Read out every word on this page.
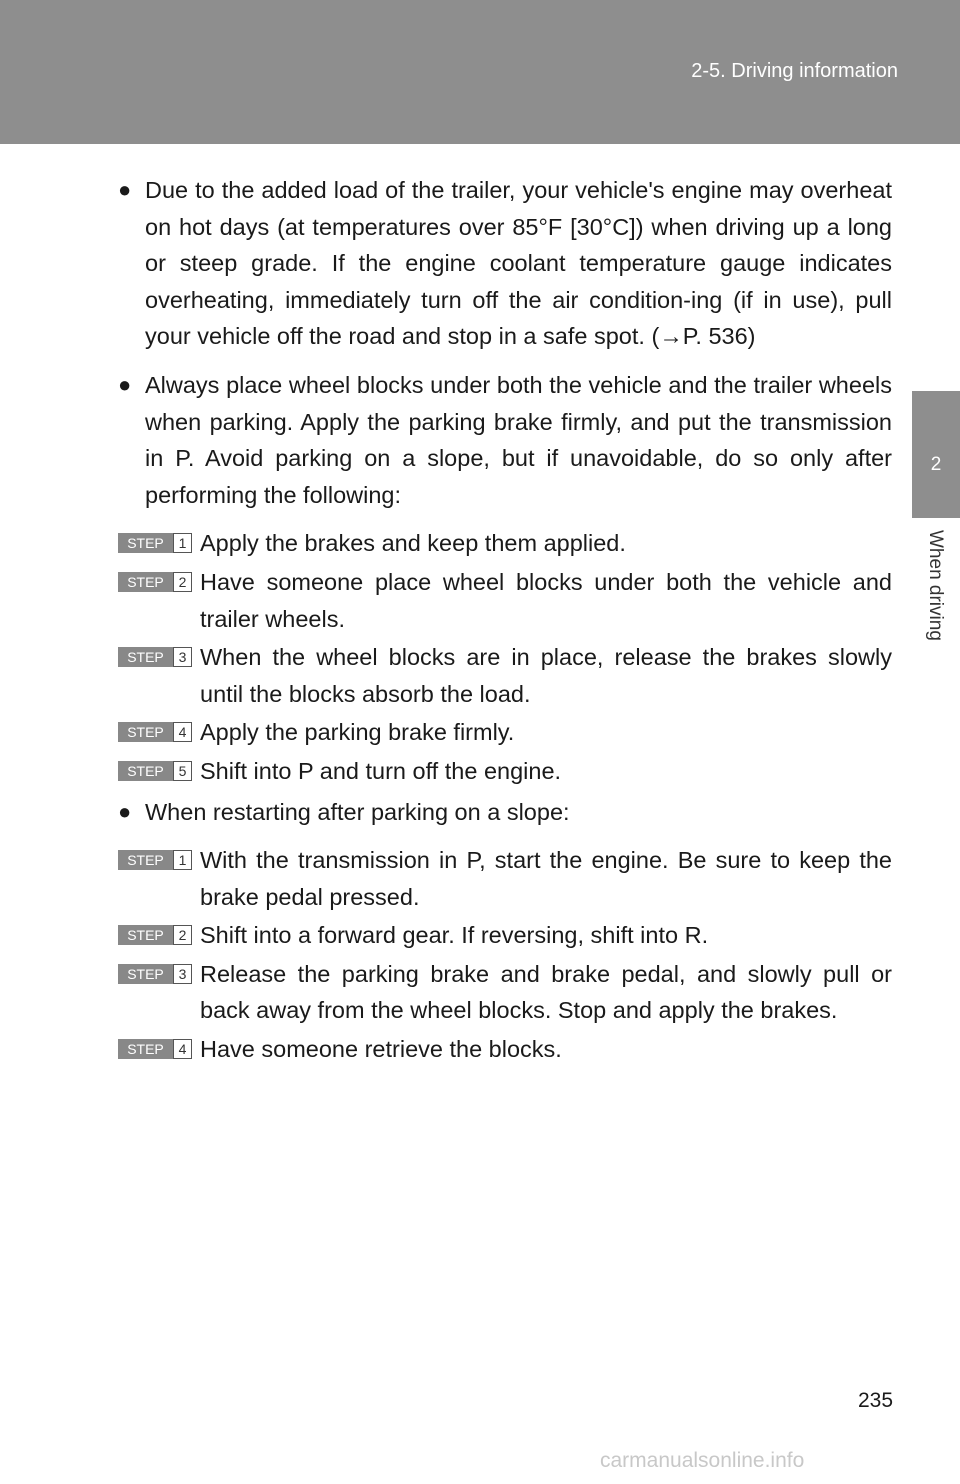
2-5. Driving information
2
When driving
● Due to the added load of the trailer, your vehicle's engine may overheat on hot days (at temperatures over 85°F [30°C]) when driving up a long or steep grade. If the engine coolant temperature gauge indicates overheating, immediately turn off the air condition-ing (if in use), pull your vehicle off the road and stop in a safe spot. (→P. 536)
● Always place wheel blocks under both the vehicle and the trailer wheels when parking. Apply the parking brake firmly, and put the transmission in P. Avoid parking on a slope, but if unavoidable, do so only after performing the following:
STEP	1 Apply the brakes and keep them applied.
STEP	2 Have someone place wheel blocks under both the vehicle and trailer wheels.
STEP	3 When the wheel blocks are in place, release the brakes slowly until the blocks absorb the load.
STEP	4 Apply the parking brake firmly.
STEP	5 Shift into P and turn off the engine.
● When restarting after parking on a slope:
STEP	1 With the transmission in P, start the engine. Be sure to keep the brake pedal pressed.
STEP	2 Shift into a forward gear. If reversing, shift into R.
STEP	3 Release the parking brake and brake pedal, and slowly pull or back away from the wheel blocks. Stop and apply the brakes.
STEP	4 Have someone retrieve the blocks.
235
carmanualsonline.info
